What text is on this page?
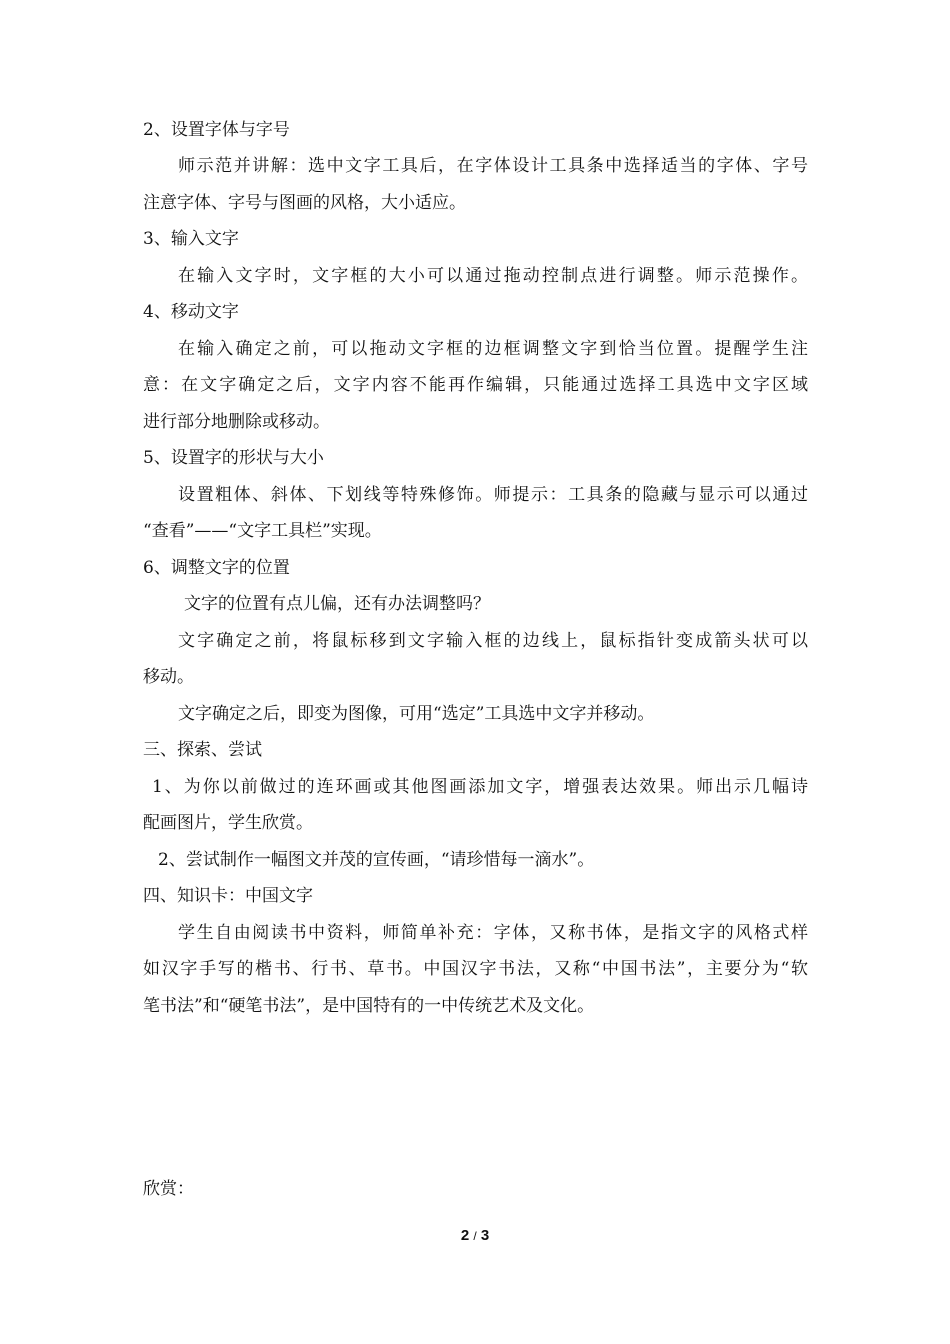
2、设置字体与字号
师示范并讲解：选中文字工具后，在字体设计工具条中选择适当的字体、字号
注意字体、字号与图画的风格，大小适应。
3、输入文字
在输入文字时，文字框的大小可以通过拖动控制点进行调整。师示范操作。
4、移动文字
在输入确定之前，可以拖动文字框的边框调整文字到恰当位置。提醒学生注
意：在文字确定之后，文字内容不能再作编辑，只能通过选择工具选中文字区域
进行部分地删除或移动。
5、设置字的形状与大小
设置粗体、斜体、下划线等特殊修饰。师提示：工具条的隐藏与显示可以通过
“查看”——“文字工具栏”实现。
6、调整文字的位置
文字的位置有点儿偏，还有办法调整吗？
文字确定之前，将鼠标移到文字输入框的边线上，鼠标指针变成箭头状可以
移动。
文字确定之后，即变为图像，可用“选定”工具选中文字并移动。
三、探索、尝试
1、为你以前做过的连环画或其他图画添加文字，增强表达效果。师出示几幅诗
配画图片，学生欣赏。
2、尝试制作一幅图文并茂的宣传画，“请珍惜每一滴水”。
四、知识卡：中国文字
学生自由阅读书中资料，师简单补充：字体，又称书体，是指文字的风格式样
如汉字手写的楷书、行书、草书。中国汉字书法，又称“中国书法”，主要分为“软
笔书法”和“硬笔书法”，是中国特有的一中传统艺术及文化。
欣赏：
2 / 3
